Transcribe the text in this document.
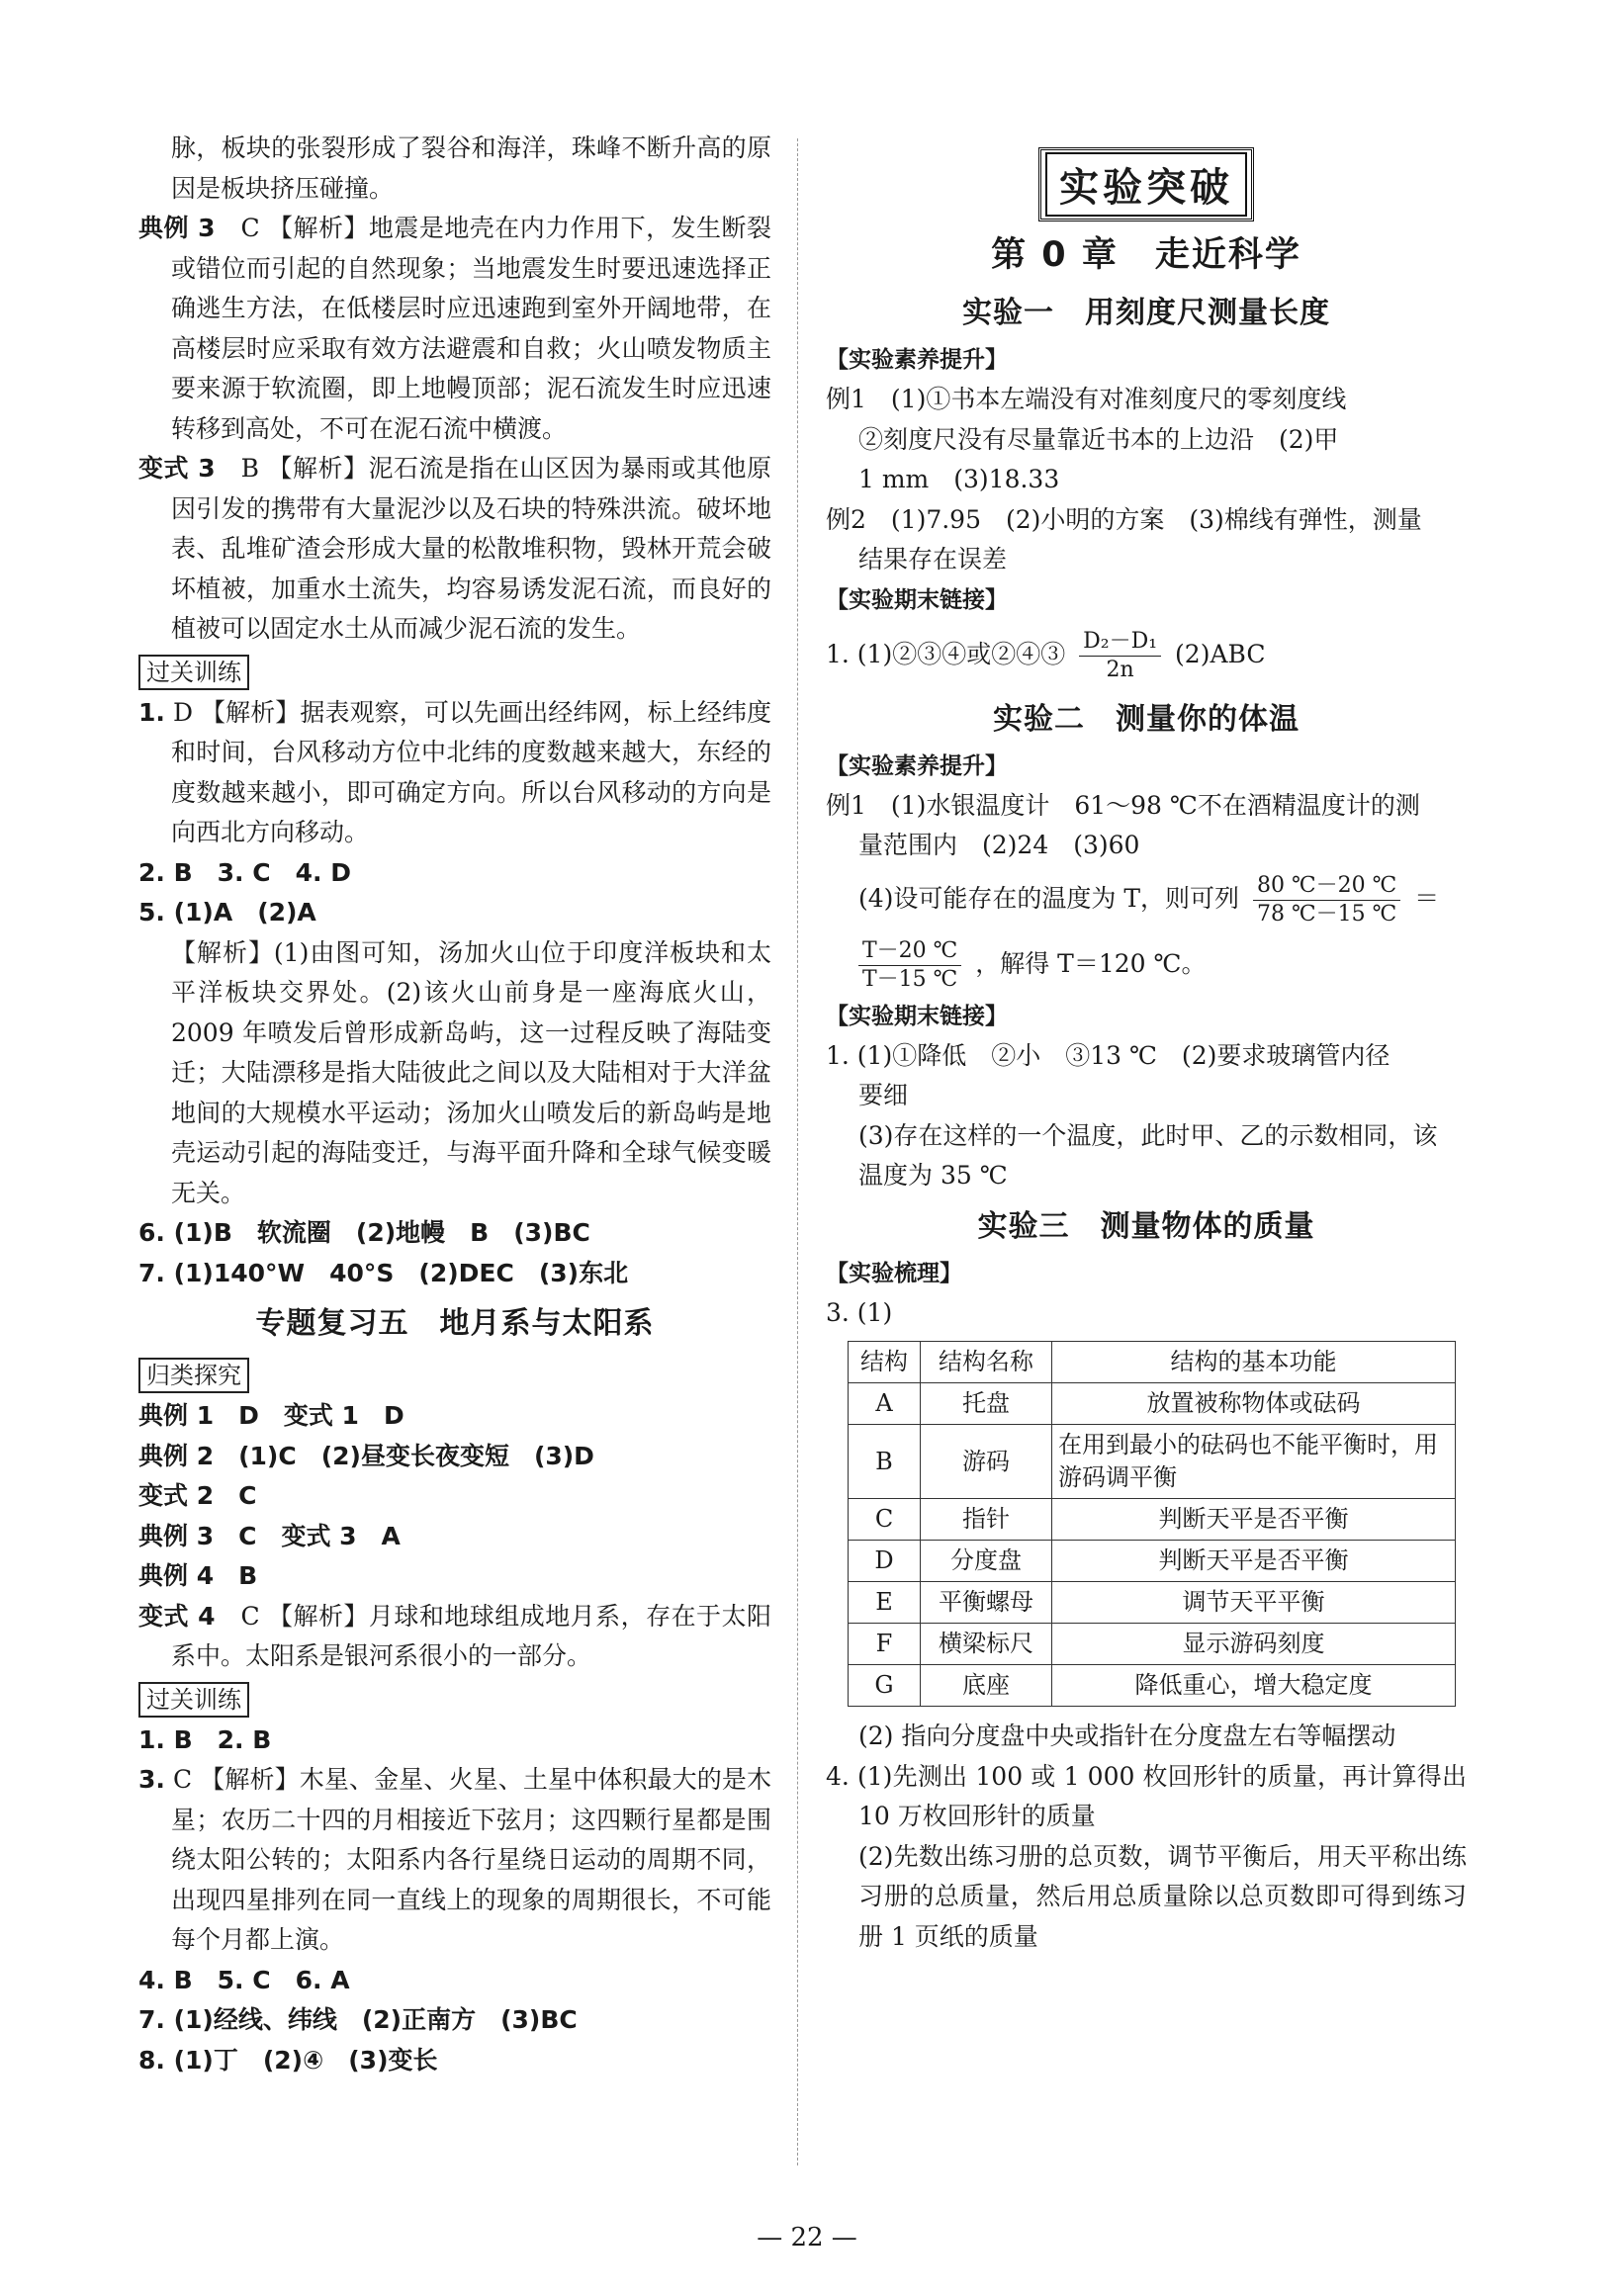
脉，板块的张裂形成了裂谷和海洋，珠峰不断升高的原因是板块挤压碰撞。

典例 3　 C 【解析】地震是地壳在内力作用下，发生断裂或错位而引起的自然现象；当地震发生时要迅速选择正确逃生方法，在低楼层时应迅速跑到室外开阔地带，在高楼层时应采取有效方法避震和自救；火山喷发物质主要来源于软流圈，即上地幔顶部；泥石流发生时应迅速转移到高处，不可在泥石流中横渡。

变式 3　 B 【解析】泥石流是指在山区因为暴雨或其他原因引发的携带有大量泥沙以及石块的特殊洪流。破坏地表、乱堆矿渣会形成大量的松散堆积物，毁林开荒会破坏植被，加重水土流失，均容易诱发泥石流，而良好的植被可以固定水土从而减少泥石流的发生。

过关训练

1. D 【解析】据表观察，可以先画出经纬网，标上经纬度和时间，台风移动方位中北纬的度数越来越大，东经的度数越来越小，即可确定方向。所以台风移动的方向是向西北方向移动。

2. B　3. C　4. D

5. (1)A　(2)A

【解析】(1)由图可知，汤加火山位于印度洋板块和太平洋板块交界处。(2)该火山前身是一座海底火山，2009 年喷发后曾形成新岛屿，这一过程反映了海陆变迁；大陆漂移是指大陆彼此之间以及大陆相对于大洋盆地间的大规模水平运动；汤加火山喷发后的新岛屿是地壳运动引起的海陆变迁，与海平面升降和全球气候变暖无关。

6. (1)B　软流圈　(2)地幔　B　(3)BC

7. (1)140°W　40°S　(2)DEC　(3)东北

专题复习五　地月系与太阳系
归类探究

典例 1　D　变式 1　D

典例 2　(1)C　(2)昼变长夜变短　(3)D

变式 2　C

典例 3　C　变式 3　A

典例 4　B

变式 4　 C 【解析】月球和地球组成地月系，存在于太阳系中。太阳系是银河系很小的一部分。

过关训练

1. B　2. B

3. C 【解析】木星、金星、火星、土星中体积最大的是木星；农历二十四的月相接近下弦月；这四颗行星都是围绕太阳公转的；太阳系内各行星绕日运动的周期不同，出现四星排列在同一直线上的现象的周期很长，不可能每个月都上演。

4. B　5. C　6. A

7. (1)经线、纬线　(2)正南方　(3)BC

8. (1)丁　(2)④　(3)变长

实验突破
第 0 章　走近科学
实验一　用刻度尺测量长度
【实验素养提升】

例1　(1)①书本左端没有对准刻度尺的零刻度线

②刻度尺没有尽量靠近书本的上边沿　(2)甲

1 mm　(3)18.33

例2　(1)7.95　(2)小明的方案　(3)棉线有弹性，测量

结果存在误差

【实验期末链接】

1. (1)②③④或②④③ $\frac{\text{D₂－D₁}}{2n} (2)ABC$

实验二　测量你的体温
【实验素养提升】

例1　(1)水银温度计　61～98 ℃不在酒精温度计的测

量范围内　(2)24　(3)60

(4)设可能存在的温度为 T，则可列 $\frac{80 ℃-20 ℃}{78 ℃-15 ℃}$ ＝

$\frac{T-20 ℃}{T-15 ℃}$ ，解得 T＝120 ℃。

【实验期末链接】

1. (1)①降低　②小　③13 ℃　(2)要求玻璃管内径

要细

(3)存在这样的一个温度，此时甲、乙的示数相同，该

温度为 35 ℃

实验三　测量物体的质量
【实验梳理】

3. (1)

结构	结构名称	结构的基本功能
A	托盘	放置被称物体或砝码
B	游码	在用到最小的砝码也不能平衡时，用游码调平衡
C	指针	判断天平是否平衡
D	分度盘	判断天平是否平衡
E	平衡螺母	调节天平平衡
F	横梁标尺	显示游码刻度
G	底座	降低重心，增大稳定度

(2) 指向分度盘中央或指针在分度盘左右等幅摆动

4. (1)先测出 100 或 1 000 枚回形针的质量，再计算得出 10 万枚回形针的质量

(2)先数出练习册的总页数，调节平衡后，用天平称出练习册的总质量，然后用总质量除以总页数即可得到练习册 1 页纸的质量

— 22 —
